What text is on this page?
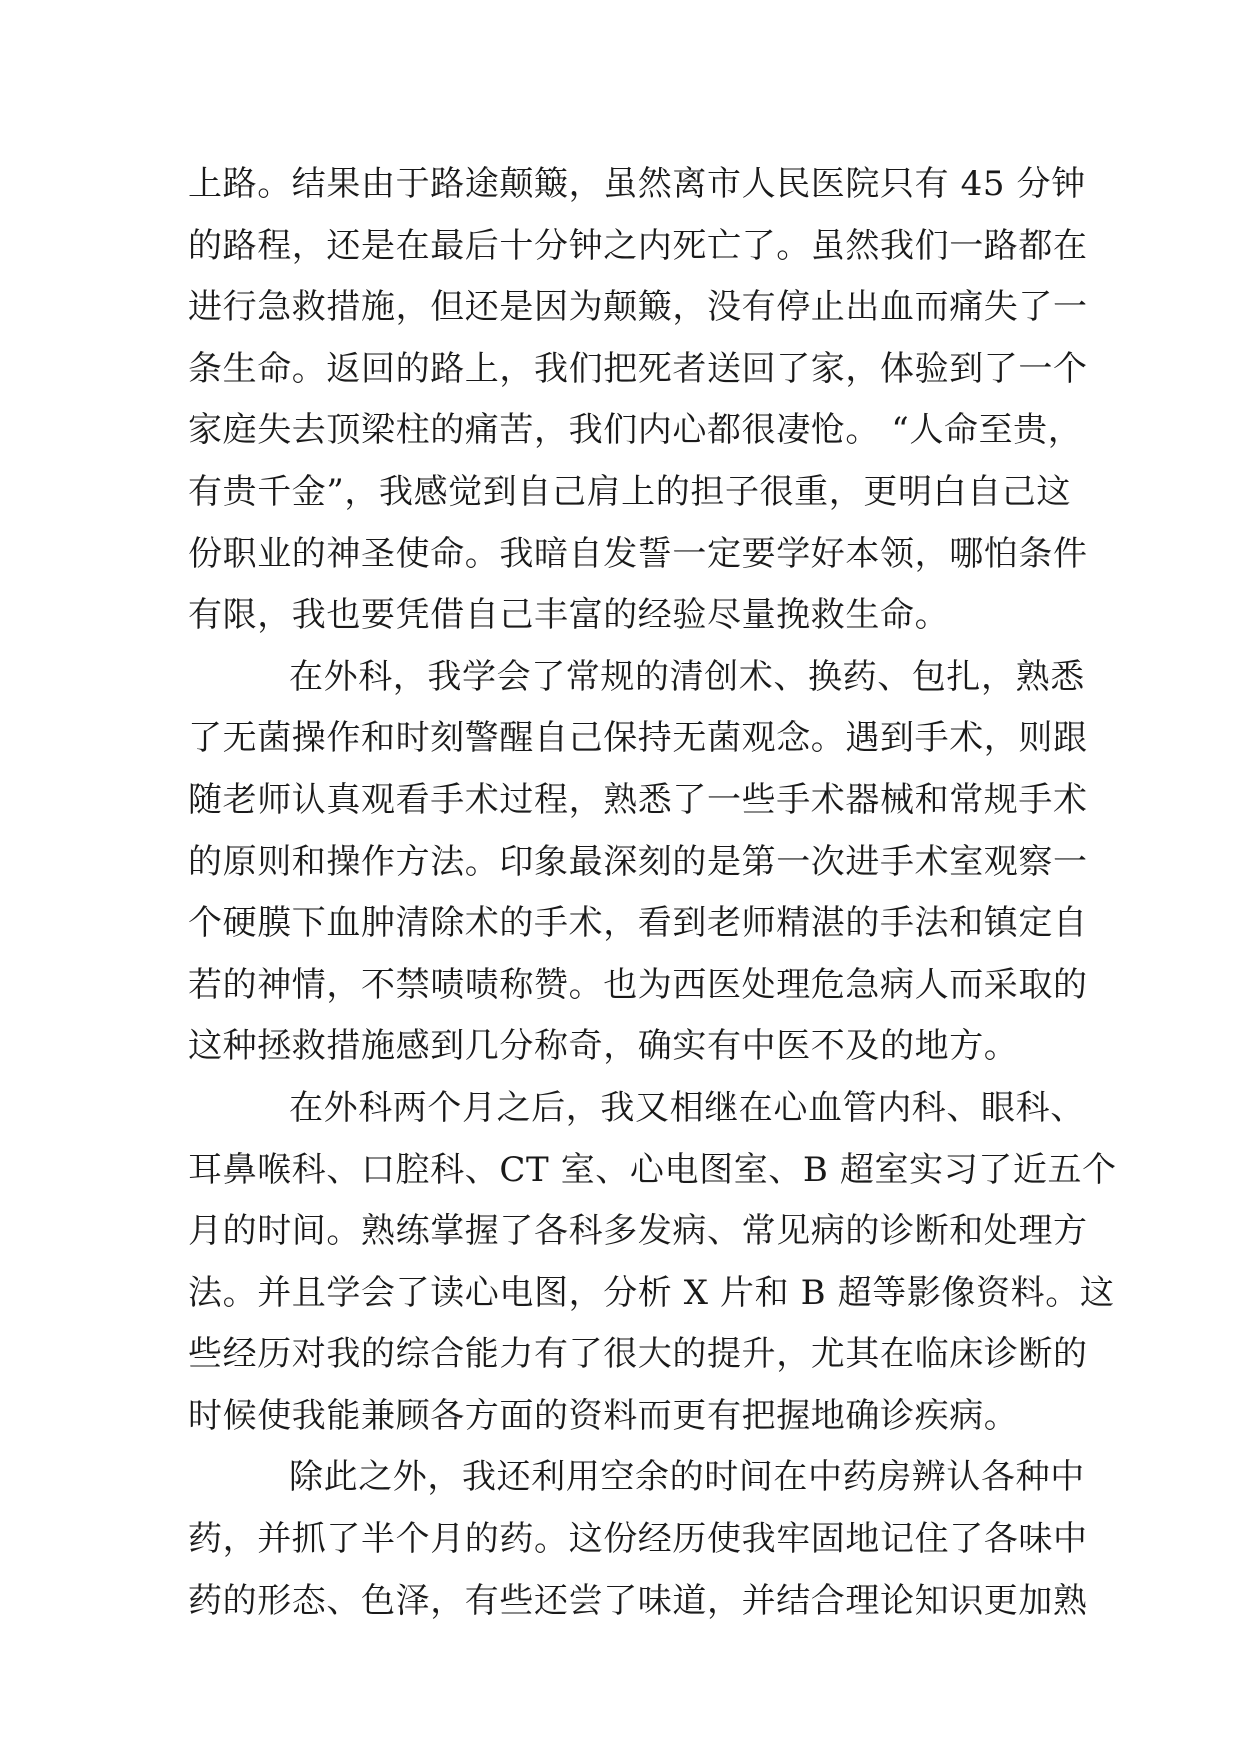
上路。结果由于路途颠簸，虽然离市人民医院只有 45 分钟
的路程，还是在最后十分钟之内死亡了。虽然我们一路都在
进行急救措施，但还是因为颠簸，没有停止出血而痛失了一
条生命。返回的路上，我们把死者送回了家，体验到了一个
家庭失去顶梁柱的痛苦，我们内心都很凄怆。 “人命至贵，
有贵千金”，我感觉到自己肩上的担子很重，更明白自己这
份职业的神圣使命。我暗自发誓一定要学好本领，哪怕条件
有限，我也要凭借自己丰富的经验尽量挽救生命。
在外科，我学会了常规的清创术、换药、包扎，熟悉
了无菌操作和时刻警醒自己保持无菌观念。遇到手术，则跟
随老师认真观看手术过程，熟悉了一些手术器械和常规手术
的原则和操作方法。印象最深刻的是第一次进手术室观察一
个硬膜下血肿清除术的手术，看到老师精湛的手法和镇定自
若的神情，不禁啧啧称赞。也为西医处理危急病人而采取的
这种拯救措施感到几分称奇，确实有中医不及的地方。
在外科两个月之后，我又相继在心血管内科、眼科、
耳鼻喉科、口腔科、CT 室、心电图室、B 超室实习了近五个
月的时间。熟练掌握了各科多发病、常见病的诊断和处理方
法。并且学会了读心电图，分析 X 片和 B 超等影像资料。这
些经历对我的综合能力有了很大的提升，尤其在临床诊断的
时候使我能兼顾各方面的资料而更有把握地确诊疾病。
除此之外，我还利用空余的时间在中药房辨认各种中
药，并抓了半个月的药。这份经历使我牢固地记住了各味中
药的形态、色泽，有些还尝了味道，并结合理论知识更加熟
